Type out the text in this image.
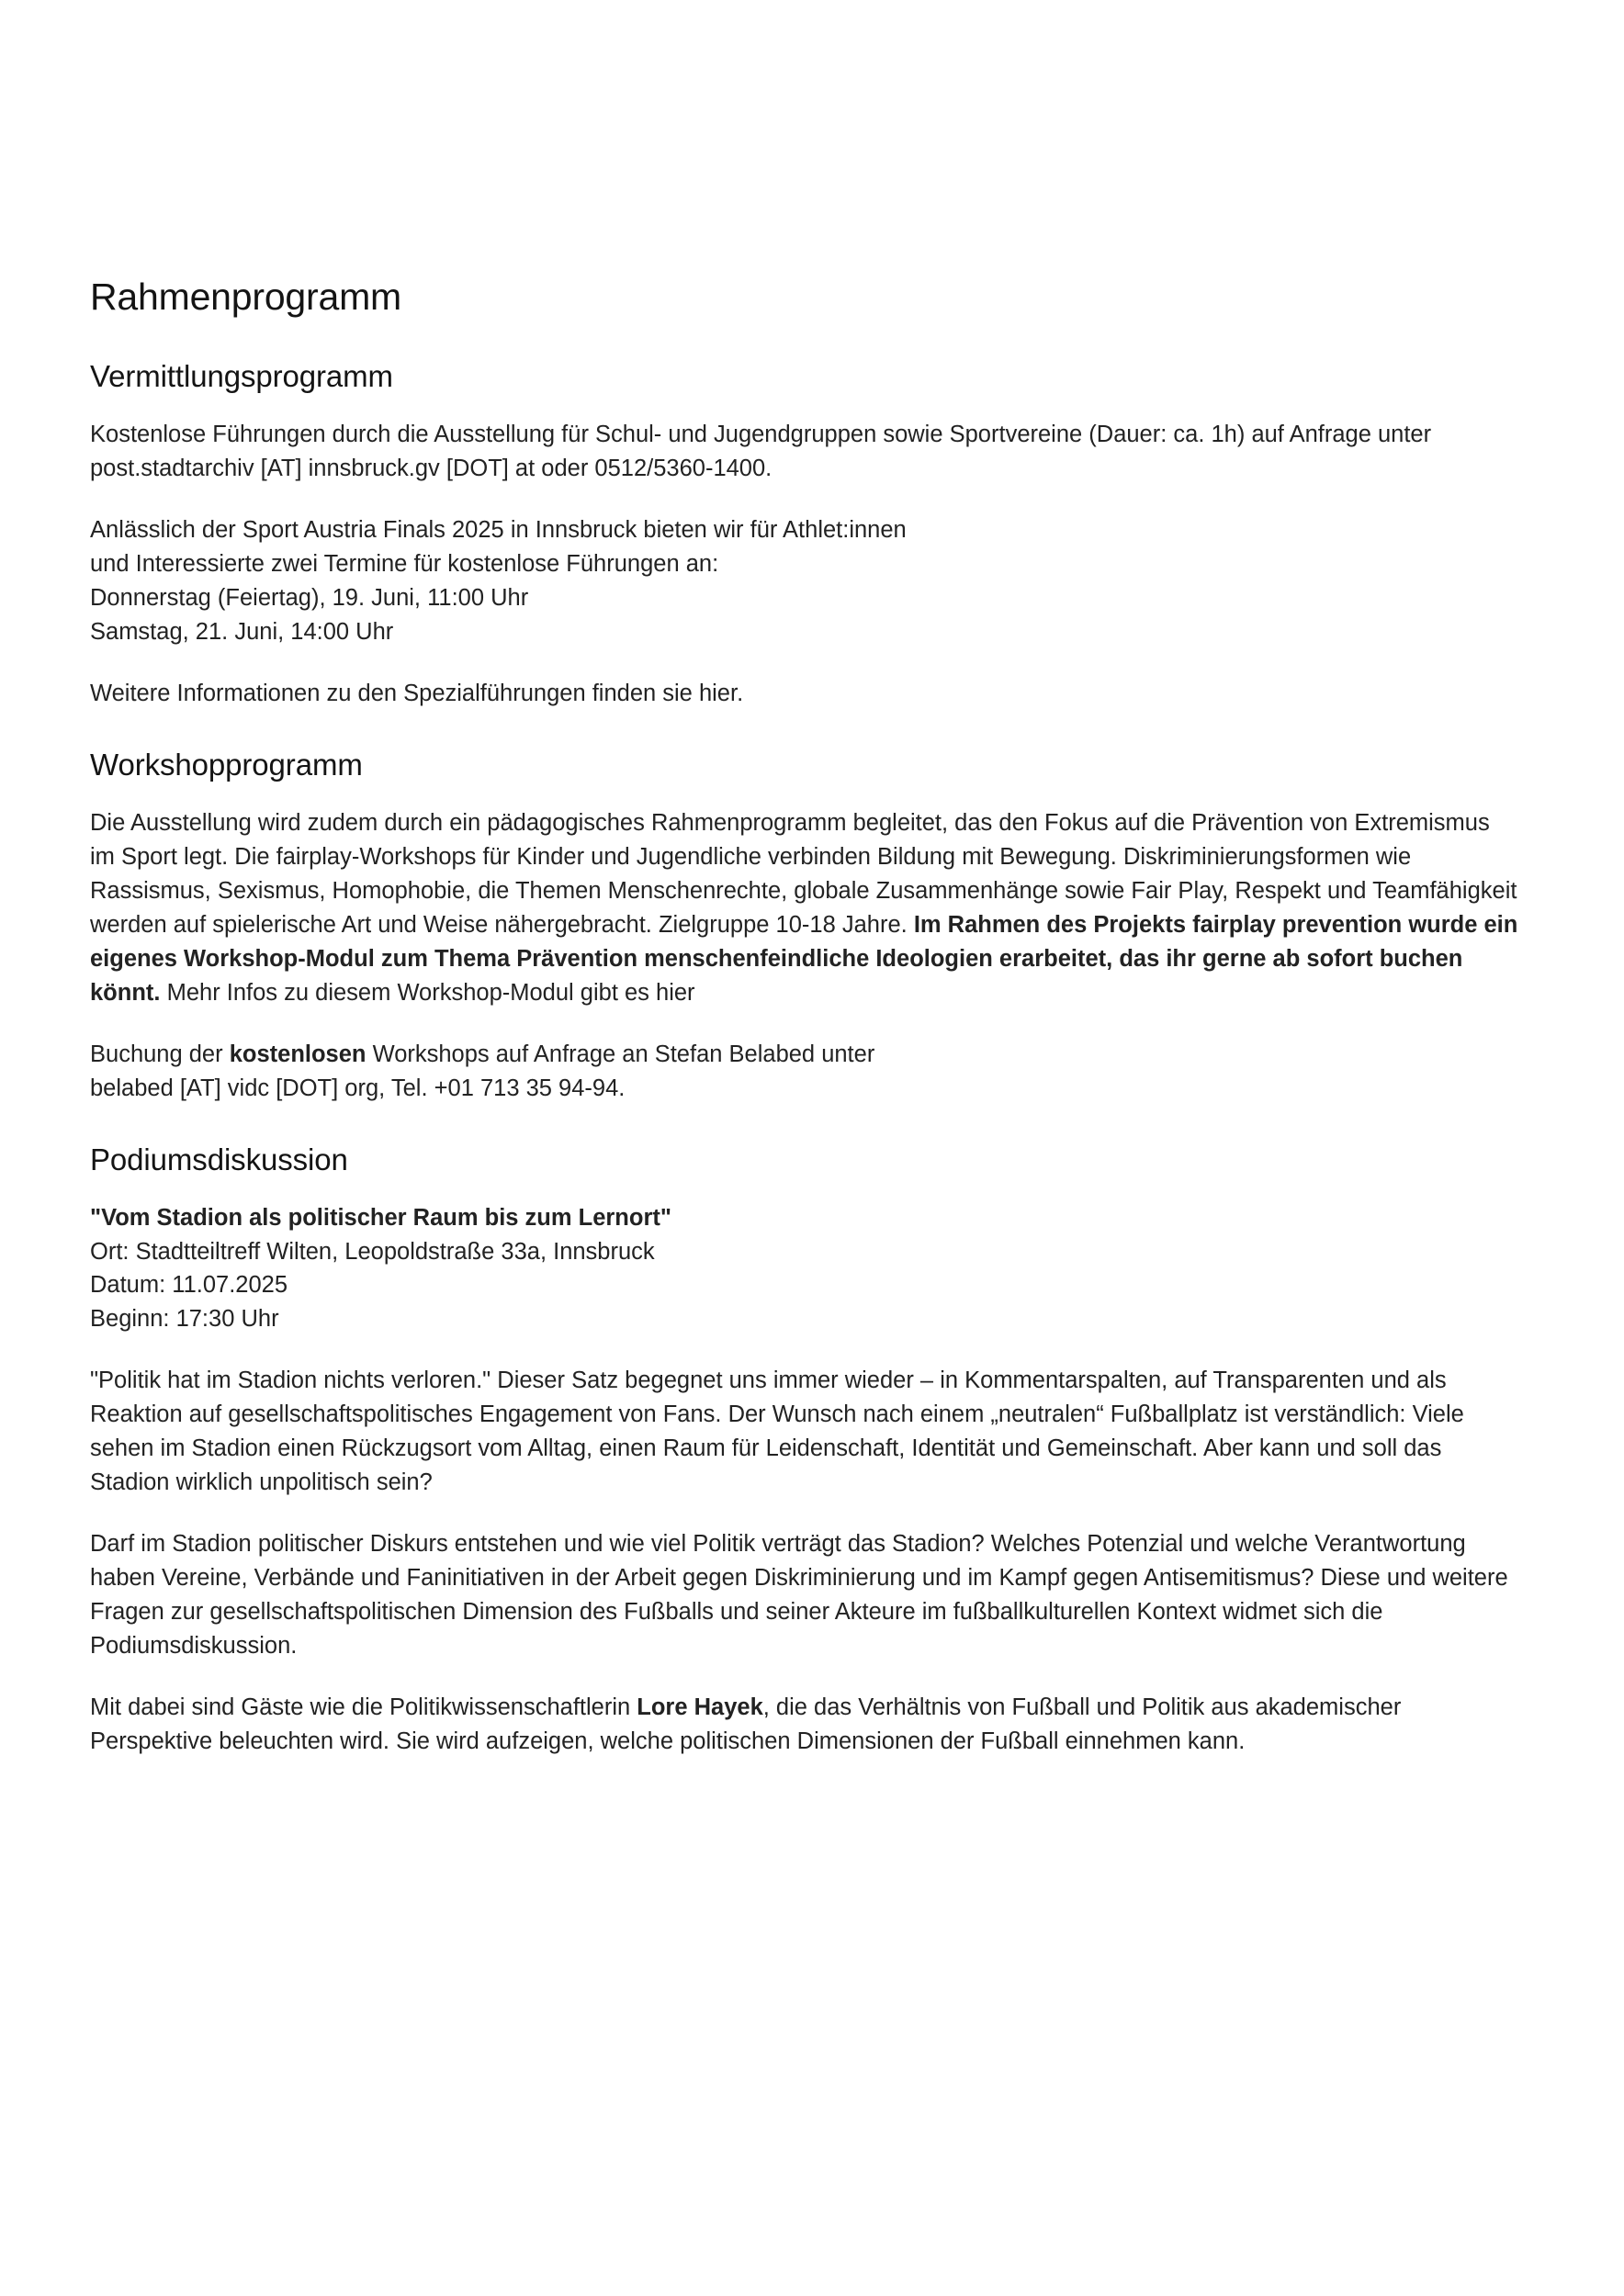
Rahmenprogramm
Vermittlungsprogramm

Kostenlose Führungen durch die Ausstellung für Schul- und Jugendgruppen sowie Sportvereine (Dauer: ca. 1h) auf Anfrage unter post.stadtarchiv [AT] innsbruck.gv [DOT] at oder 0512/5360-1400.

Anlässlich der Sport Austria Finals 2025 in Innsbruck bieten wir für Athlet:innen
und Interessierte zwei Termine für kostenlose Führungen an:
Donnerstag (Feiertag), 19. Juni, 11:00 Uhr
Samstag, 21. Juni, 14:00 Uhr

Weitere Informationen zu den Spezialführungen finden sie hier.

Workshopprogramm

Die Ausstellung wird zudem durch ein pädagogisches Rahmenprogramm begleitet, das den Fokus auf die Prävention von Extremismus im Sport legt. Die fairplay-Workshops für Kinder und Jugendliche verbinden Bildung mit Bewegung. Diskriminierungsformen wie Rassismus, Sexismus, Homophobie, die Themen Menschenrechte, globale Zusammenhänge sowie Fair Play, Respekt und Teamfähigkeit werden auf spielerische Art und Weise nähergebracht. Zielgruppe 10-18 Jahre. Im Rahmen des Projekts fairplay prevention wurde ein eigenes Workshop-Modul zum Thema Prävention menschenfeindliche Ideologien erarbeitet, das ihr gerne ab sofort buchen könnt. Mehr Infos zu diesem Workshop-Modul gibt es hier

Buchung der kostenlosen Workshops auf Anfrage an Stefan Belabed unter
belabed [AT] vidc [DOT] org, Tel. +01 713 35 94-94.
Podiumsdiskussion
"Vom Stadion als politischer Raum bis zum Lernort"
Ort: Stadtteiltreff Wilten, Leopoldstraße 33a, Innsbruck
Datum: 11.07.2025
Beginn: 17:30 Uhr

"Politik hat im Stadion nichts verloren." Dieser Satz begegnet uns immer wieder – in Kommentarspalten, auf Transparenten und als Reaktion auf gesellschaftspolitisches Engagement von Fans. Der Wunsch nach einem „neutralen“ Fußballplatz ist verständlich: Viele sehen im Stadion einen Rückzugsort vom Alltag, einen Raum für Leidenschaft, Identität und Gemeinschaft. Aber kann und soll das Stadion wirklich unpolitisch sein?

Darf im Stadion politischer Diskurs entstehen und wie viel Politik verträgt das Stadion? Welches Potenzial und welche Verantwortung haben Vereine, Verbände und Faninitiativen in der Arbeit gegen Diskriminierung und im Kampf gegen Antisemitismus? Diese und weitere Fragen zur gesellschaftspolitischen Dimension des Fußballs und seiner Akteure im fußballkulturellen Kontext widmet sich die Podiumsdiskussion.

Mit dabei sind Gäste wie die Politikwissenschaftlerin Lore Hayek, die das Verhältnis von Fußball und Politik aus akademischer Perspektive beleuchten wird. Sie wird aufzeigen, welche politischen Dimensionen der Fußball einnehmen kann.
